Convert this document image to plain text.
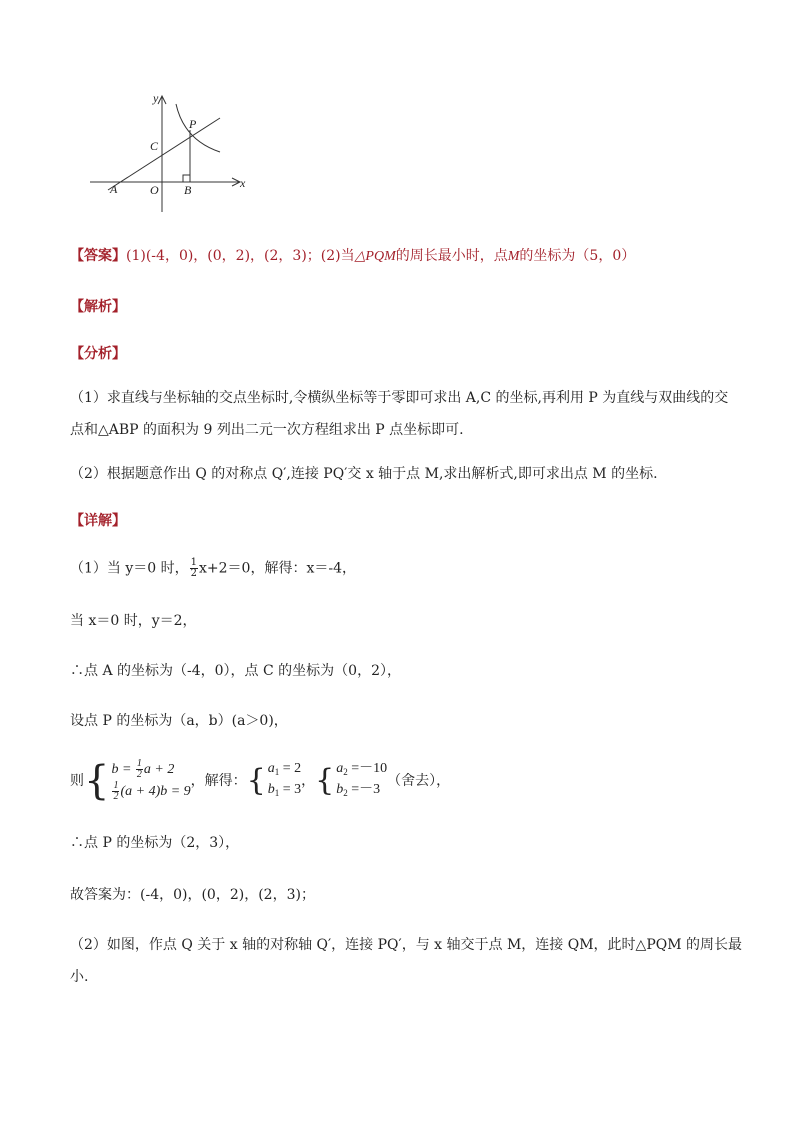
y
x
P
C
A	O B
【答案】(1)(-4，0)，(0，2)，(2，3)；(2)当△PQM的周长最小时，点M的坐标为（5，0）
【解析】
【分析】
（1）求直线与坐标轴的交点坐标时,令横纵坐标等于零即可求出 A,C 的坐标,再利用 P 为直线与双曲线的交
点和△ABP 的面积为 9 列出二元一次方程组求出 P 点坐标即可.
（2）根据题意作出 Q 的对称点 Q′,连接 PQ′交 x 轴于点 M,求出解析式,即可求出点 M 的坐标.
【详解】
（1）当 y＝0 时， $\frac{1}{2} x+2=0$，解得：x＝-4，
当 x＝0 时，y＝2，
∴点 A 的坐标为（-4，0），点 C 的坐标为（0，2），
设点 P 的坐标为（a，b）(a＞0)，
则{ $b = \frac{1}{2}$ a + 2
$\frac{1}{2} (a + 4)b = 9$
，解得：{ $a_1 = 2$
$b_1 = 3$
，{ $a_2 =-10$
$b_2 =-3$
（舍去），
∴点 P 的坐标为（2，3），
故答案为：(-4，0)，(0，2)，(2，3)；
（2）如图，作点 Q 关于 x 轴的对称轴 Q′，连接 PQ′，与 x 轴交于点 M，连接 QM，此时△PQM 的周长最
小.
